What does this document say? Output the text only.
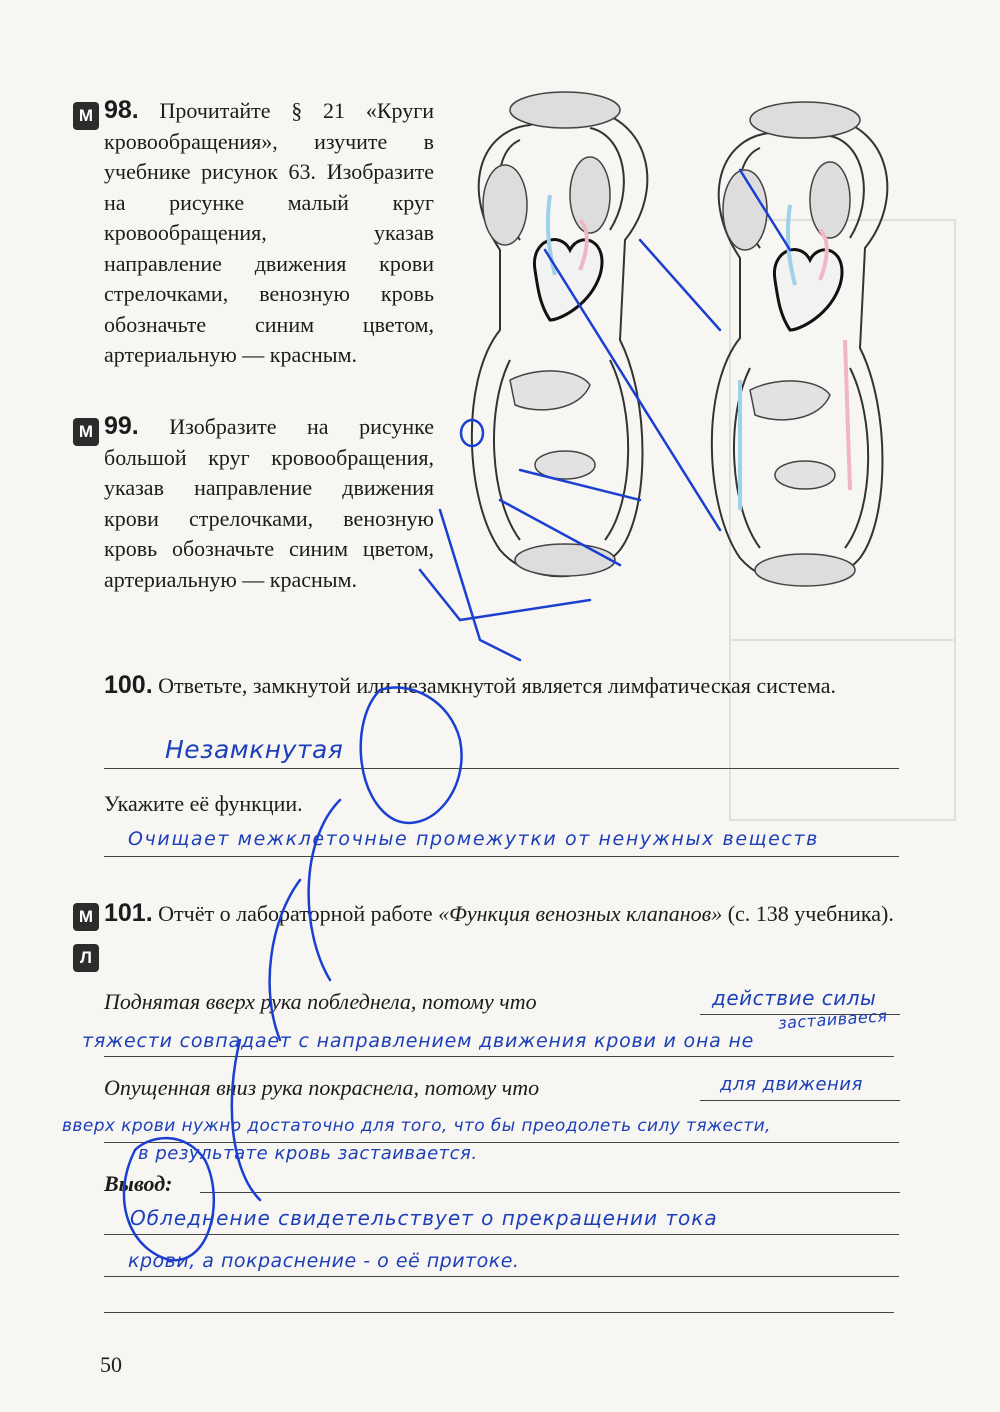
М 98. Прочитайте § 21 «Круги кровообращения», изучите в учебнике рисунок 63. Изобразите на рисунке малый круг кровообращения, указав направление движения крови стрелочками, венозную кровь обозначьте синим цветом, артериальную — красным.
М 99. Изобразите на рисунке большой круг кровообращения, указав направление движения крови стрелочками, венозную кровь обозначьте синим цветом, артериальную — красным.
100. Ответьте, замкнутой или незамкнутой является лимфатическая система.
Незамкнутая
Укажите её функции.
Очищает межклеточные промежутки от ненужных веществ
М
Л
101. Отчёт о лабораторной работе «Функция венозных клапанов» (с. 138 учебника).
Поднятая вверх рука побледнела, потому что	действие силы
застаиваеся
тяжести совпадает с направлением движения крови и она не
Опущенная вниз рука покраснела, потому что	для движения
вверх крови нужно достаточно для того, что бы преодолеть силу тяжести,
в результате кровь застаивается.
Вывод:
Обледнение свидетельствует о прекращении тока
крови, а покраснение - о её притоке.
50
